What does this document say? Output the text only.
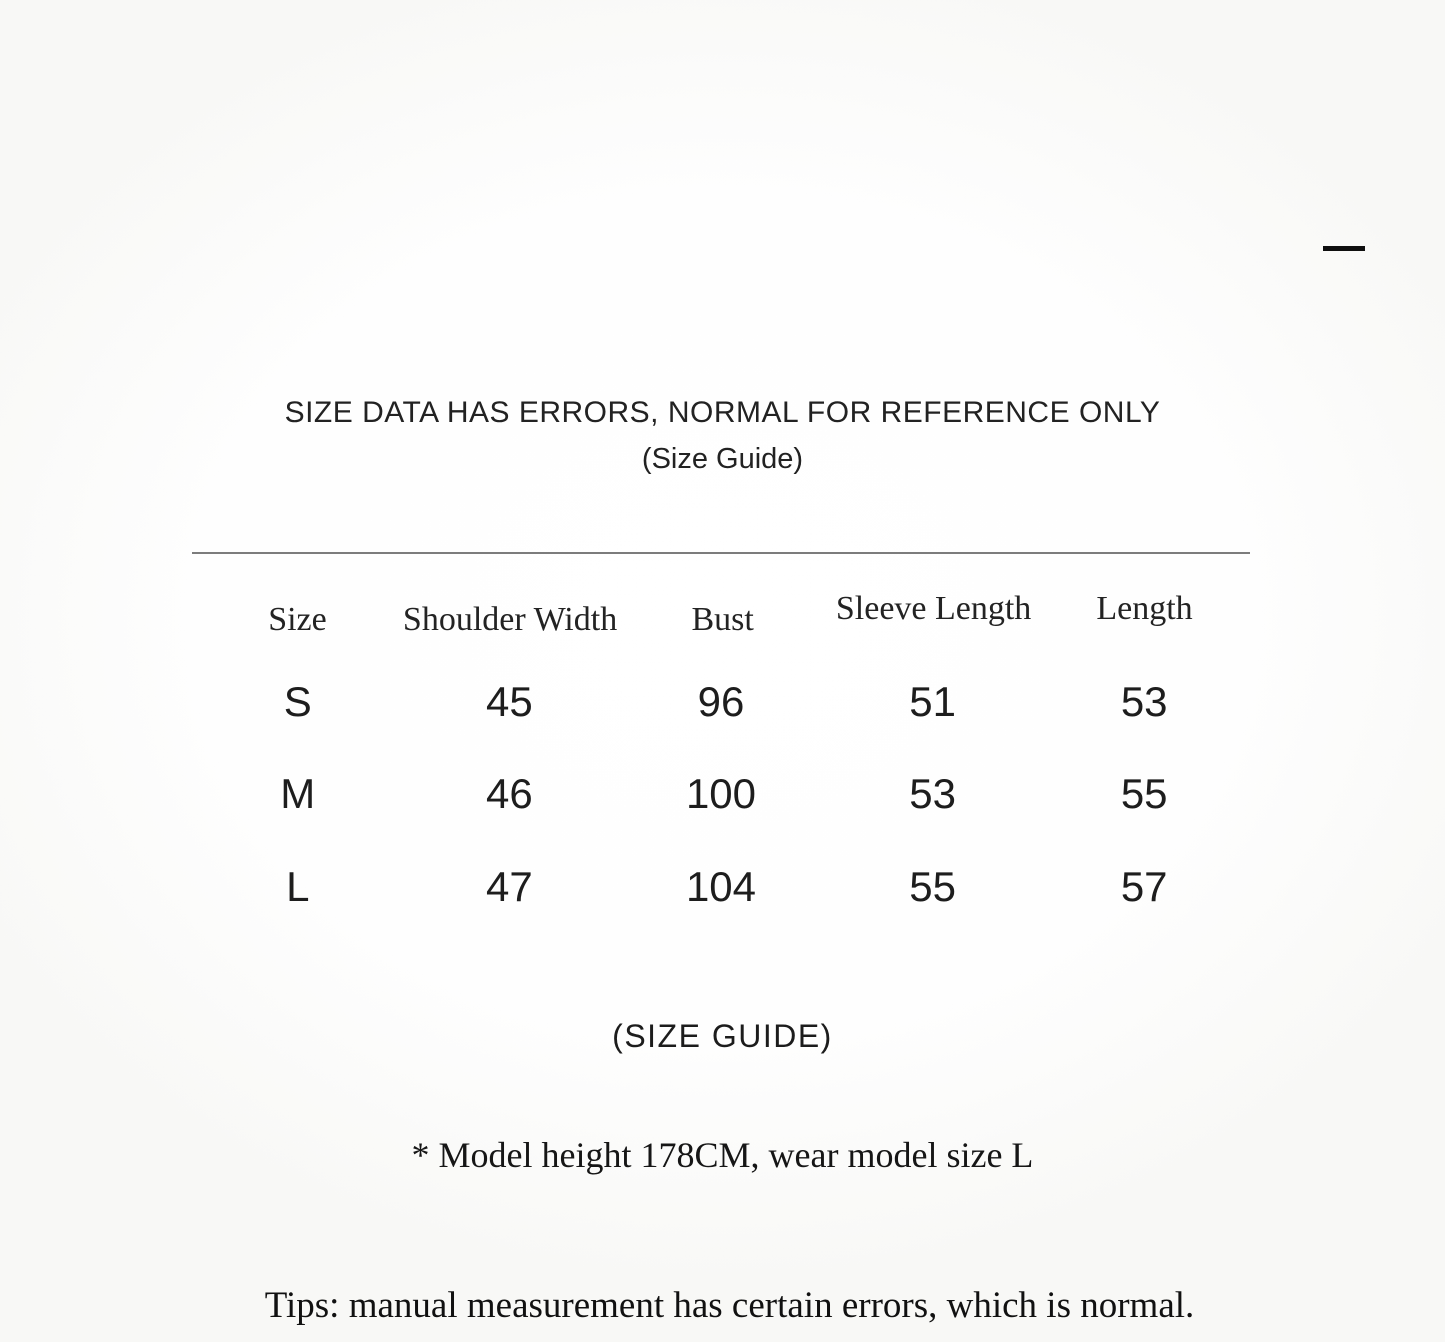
SIZE DATA HAS ERRORS, NORMAL FOR REFERENCE ONLY
(Size Guide)
Size	Shoulder Width	Bust	Sleeve Length	Length
S	45	96	51	53
M	46	100	53	55
L	47	104	55	57
(SIZE GUIDE)
* Model height 178CM, wear model size L
Tips: manual measurement has certain errors, which is normal.
